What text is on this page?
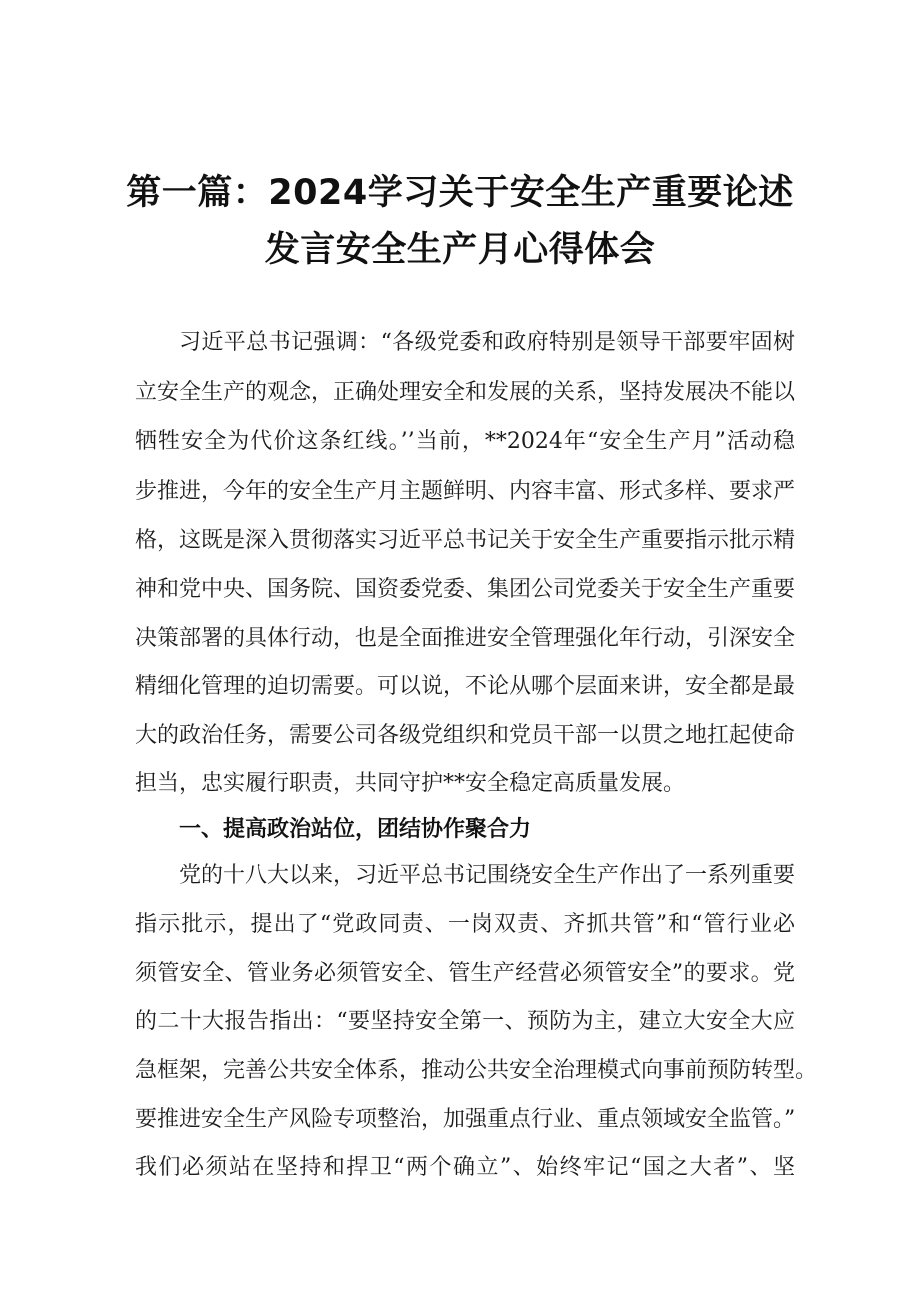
第一篇：2024学习关于安全生产重要论述
发言安全生产月心得体会
习近平总书记强调：“各级党委和政府特别是领导干部要牢固树
立安全生产的观念，正确处理安全和发展的关系，坚持发展决不能以
牺牲安全为代价这条红线。’’当前，**2024年“安全生产月”活动稳
步推进，今年的安全生产月主题鲜明、内容丰富、形式多样、要求严
格，这既是深入贯彻落实习近平总书记关于安全生产重要指示批示精
神和党中央、国务院、国资委党委、集团公司党委关于安全生产重要
决策部署的具体行动，也是全面推进安全管理强化年行动，引深安全
精细化管理的迫切需要。可以说，不论从哪个层面来讲，安全都是最
大的政治任务，需要公司各级党组织和党员干部一以贯之地扛起使命
担当，忠实履行职责，共同守护**安全稳定高质量发展。
一、提高政治站位，团结协作聚合力
党的十八大以来，习近平总书记围绕安全生产作出了一系列重要
指示批示，提出了“党政同责、一岗双责、齐抓共管”和“管行业必
须管安全、管业务必须管安全、管生产经营必须管安全”的要求。党
的二十大报告指出：“要坚持安全第一、预防为主，建立大安全大应
急框架，完善公共安全体系，推动公共安全治理模式向事前预防转型。
要推进安全生产风险专项整治，加强重点行业、重点领域安全监管。”
我们必须站在坚持和捍卫“两个确立”、始终牢记“国之大者”、坚
